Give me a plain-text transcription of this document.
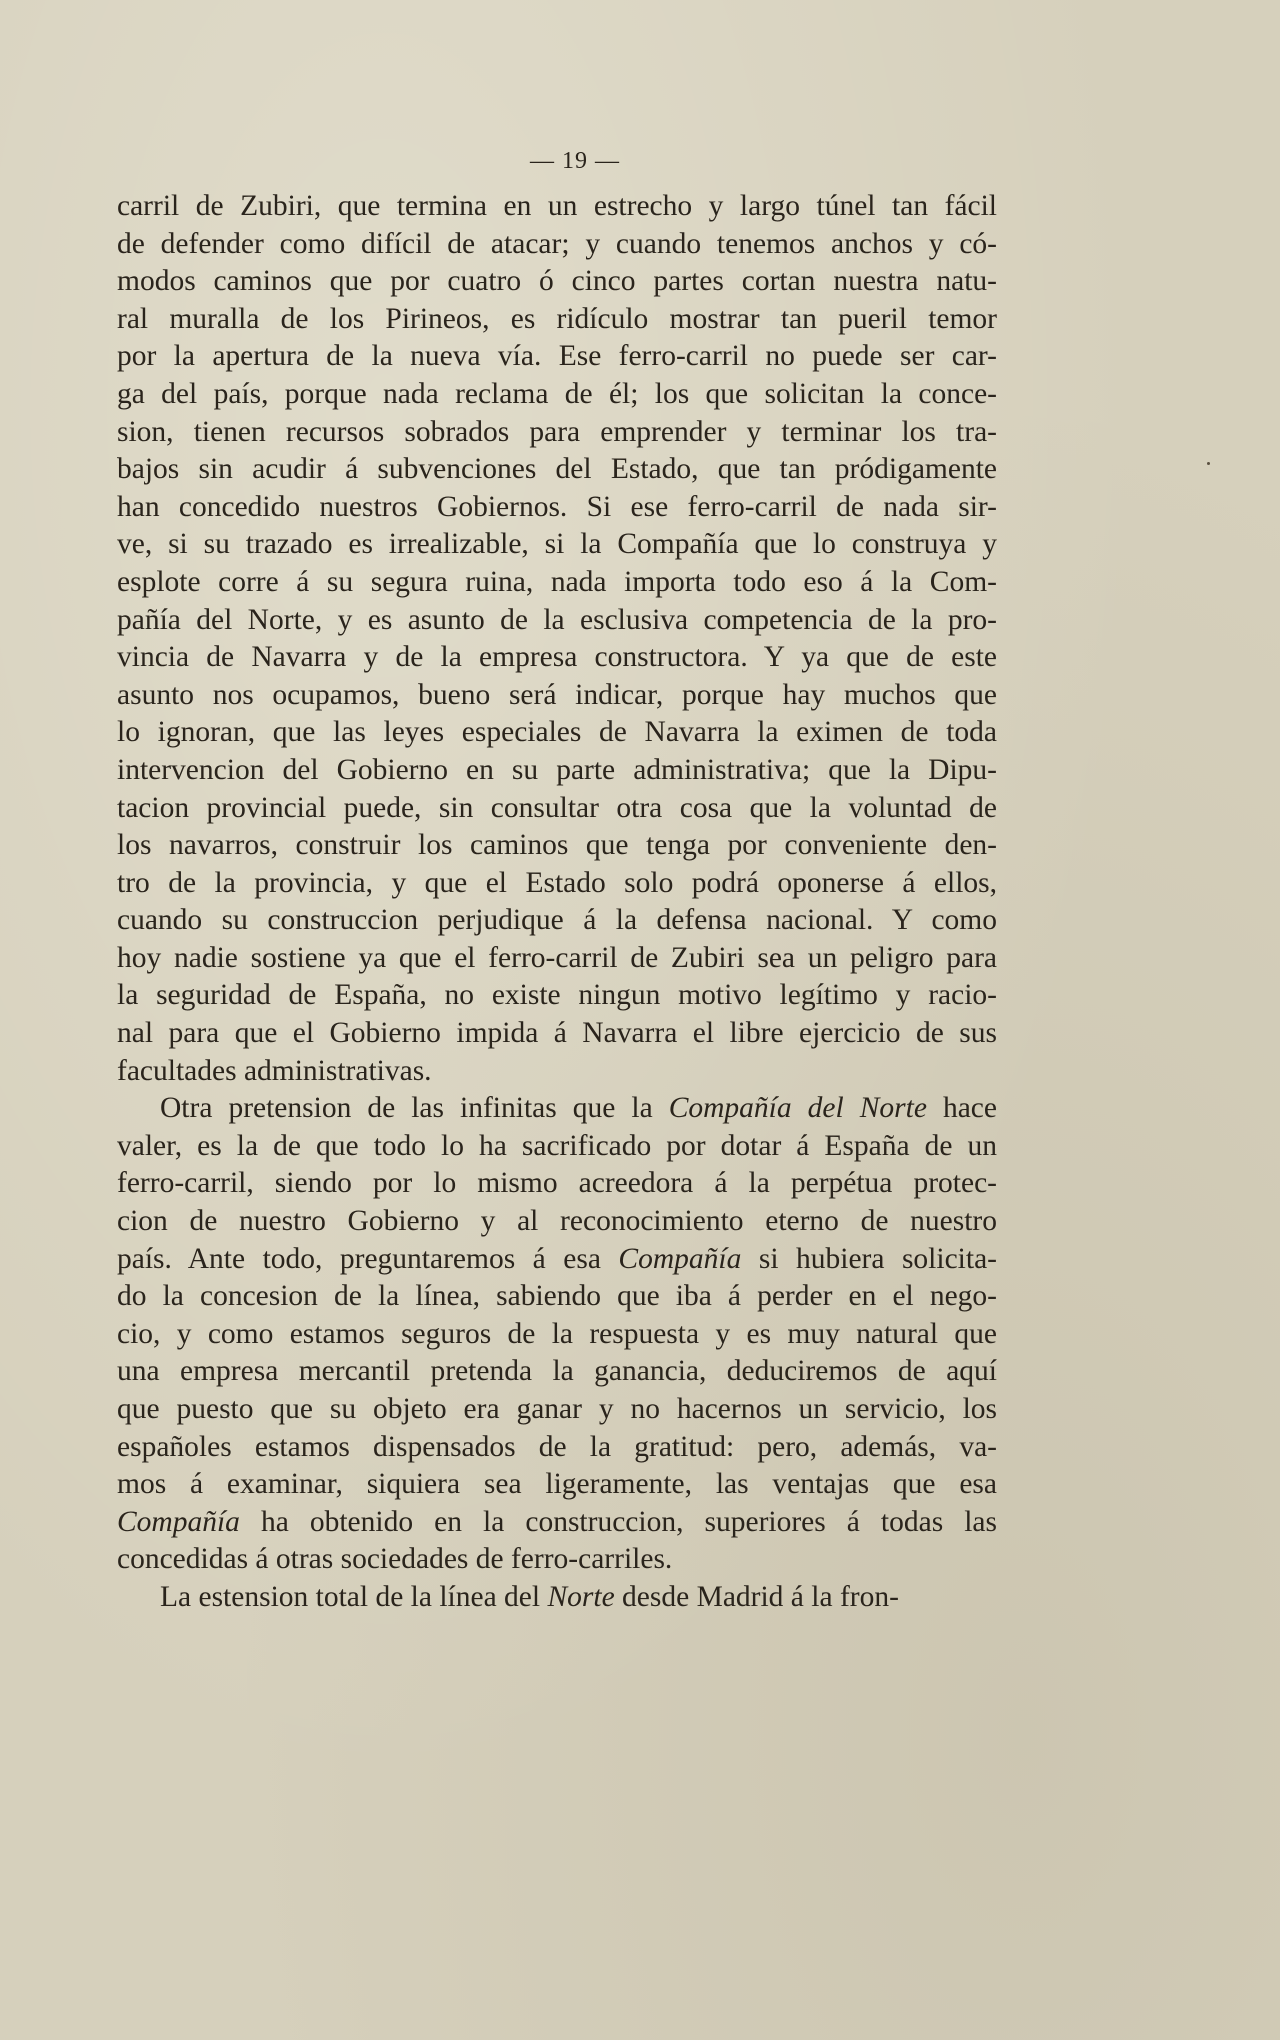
— 19 —
carril de Zubiri, que termina en un estrecho y largo túnel tan fácil
de defender como difícil de atacar; y cuando tenemos anchos y có-
modos caminos que por cuatro ó cinco partes cortan nuestra natu-
ral muralla de los Pirineos, es ridículo mostrar tan pueril temor
por la apertura de la nueva vía. Ese ferro-carril no puede ser car-
ga del país, porque nada reclama de él; los que solicitan la conce-
sion, tienen recursos sobrados para emprender y terminar los tra-
bajos sin acudir á subvenciones del Estado, que tan pródigamente
han concedido nuestros Gobiernos. Si ese ferro-carril de nada sir-
ve, si su trazado es irrealizable, si la Compañía que lo construya y
esplote corre á su segura ruina, nada importa todo eso á la Com-
pañía del Norte, y es asunto de la esclusiva competencia de la pro-
vincia de Navarra y de la empresa constructora. Y ya que de este
asunto nos ocupamos, bueno será indicar, porque hay muchos que
lo ignoran, que las leyes especiales de Navarra la eximen de toda
intervencion del Gobierno en su parte administrativa; que la Dipu-
tacion provincial puede, sin consultar otra cosa que la voluntad de
los navarros, construir los caminos que tenga por conveniente den-
tro de la provincia, y que el Estado solo podrá oponerse á ellos,
cuando su construccion perjudique á la defensa nacional. Y como
hoy nadie sostiene ya que el ferro-carril de Zubiri sea un peligro para
la seguridad de España, no existe ningun motivo legítimo y racio-
nal para que el Gobierno impida á Navarra el libre ejercicio de sus
facultades administrativas.
Otra pretension de las infinitas que la Compañía del Norte hace
valer, es la de que todo lo ha sacrificado por dotar á España de un
ferro-carril, siendo por lo mismo acreedora á la perpétua protec-
cion de nuestro Gobierno y al reconocimiento eterno de nuestro
país. Ante todo, preguntaremos á esa Compañía si hubiera solicita-
do la concesion de la línea, sabiendo que iba á perder en el nego-
cio, y como estamos seguros de la respuesta y es muy natural que
una empresa mercantil pretenda la ganancia, deduciremos de aquí
que puesto que su objeto era ganar y no hacernos un servicio, los
españoles estamos dispensados de la gratitud: pero, además, va-
mos á examinar, siquiera sea ligeramente, las ventajas que esa
Compañía ha obtenido en la construccion, superiores á todas las
concedidas á otras sociedades de ferro-carriles.
La estension total de la línea del Norte desde Madrid á la fron-
